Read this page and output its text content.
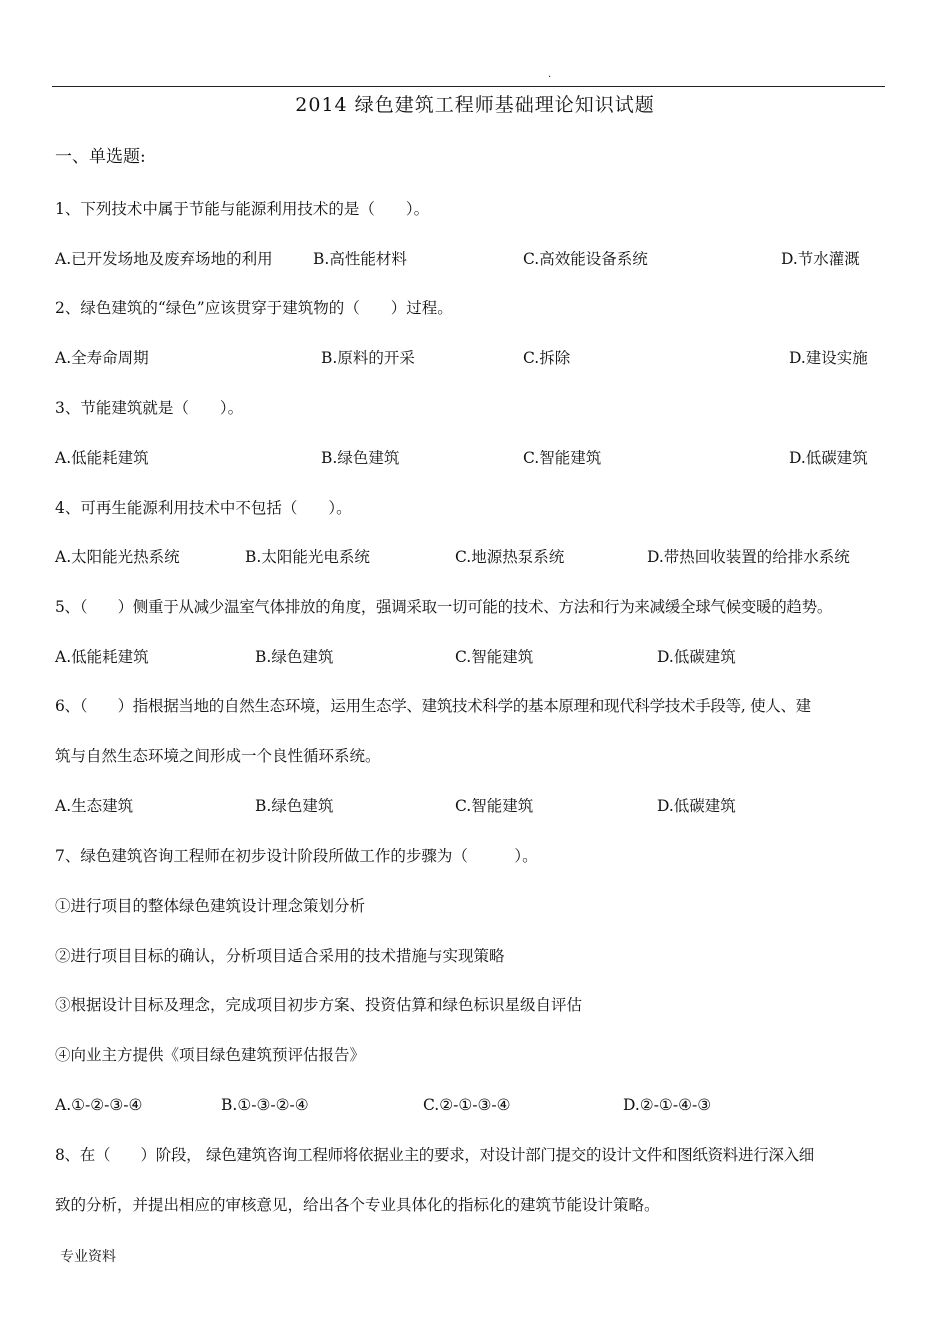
.
2014 绿色建筑工程师基础理论知识试题
一、单选题:
1、下列技术中属于节能与能源利用技术的是（　　）。
A.已开发场地及废弃场地的利用	B.高性能材料	C.高效能设备系统	D.节水灌溉
2、绿色建筑的“绿色”应该贯穿于建筑物的（　　）过程。
A.全寿命周期	B.原料的开采	C.拆除	D.建设实施
3、节能建筑就是（　　）。
A.低能耗建筑	B.绿色建筑	C.智能建筑	D.低碳建筑
4、可再生能源利用技术中不包括（　　）。
A.太阳能光热系统	B.太阳能光电系统	C.地源热泵系统	D.带热回收装置的给排水系统
5、（　　）侧重于从减少温室气体排放的角度，强调采取一切可能的技术、方法和行为来减缓全球气候变暖的趋势。
A.低能耗建筑	B.绿色建筑	C.智能建筑	D.低碳建筑
6、（　　）指根据当地的自然生态环境，运用生态学、建筑技术科学的基本原理和现代科学技术手段等, 使人、建
筑与自然生态环境之间形成一个良性循环系统。
A.生态建筑	B.绿色建筑	C.智能建筑	D.低碳建筑
7、绿色建筑咨询工程师在初步设计阶段所做工作的步骤为（　　　）。
①进行项目的整体绿色建筑设计理念策划分析
②进行项目目标的确认，分析项目适合采用的技术措施与实现策略
③根据设计目标及理念，完成项目初步方案、投资估算和绿色标识星级自评估
④向业主方提供《项目绿色建筑预评估报告》
A.①-②-③-④	B.①-③-②-④	C.②-①-③-④	D.②-①-④-③
8、在（　　）阶段， 绿色建筑咨询工程师将依据业主的要求，对设计部门提交的设计文件和图纸资料进行深入细
致的分析，并提出相应的审核意见，给出各个专业具体化的指标化的建筑节能设计策略。
专业资料
